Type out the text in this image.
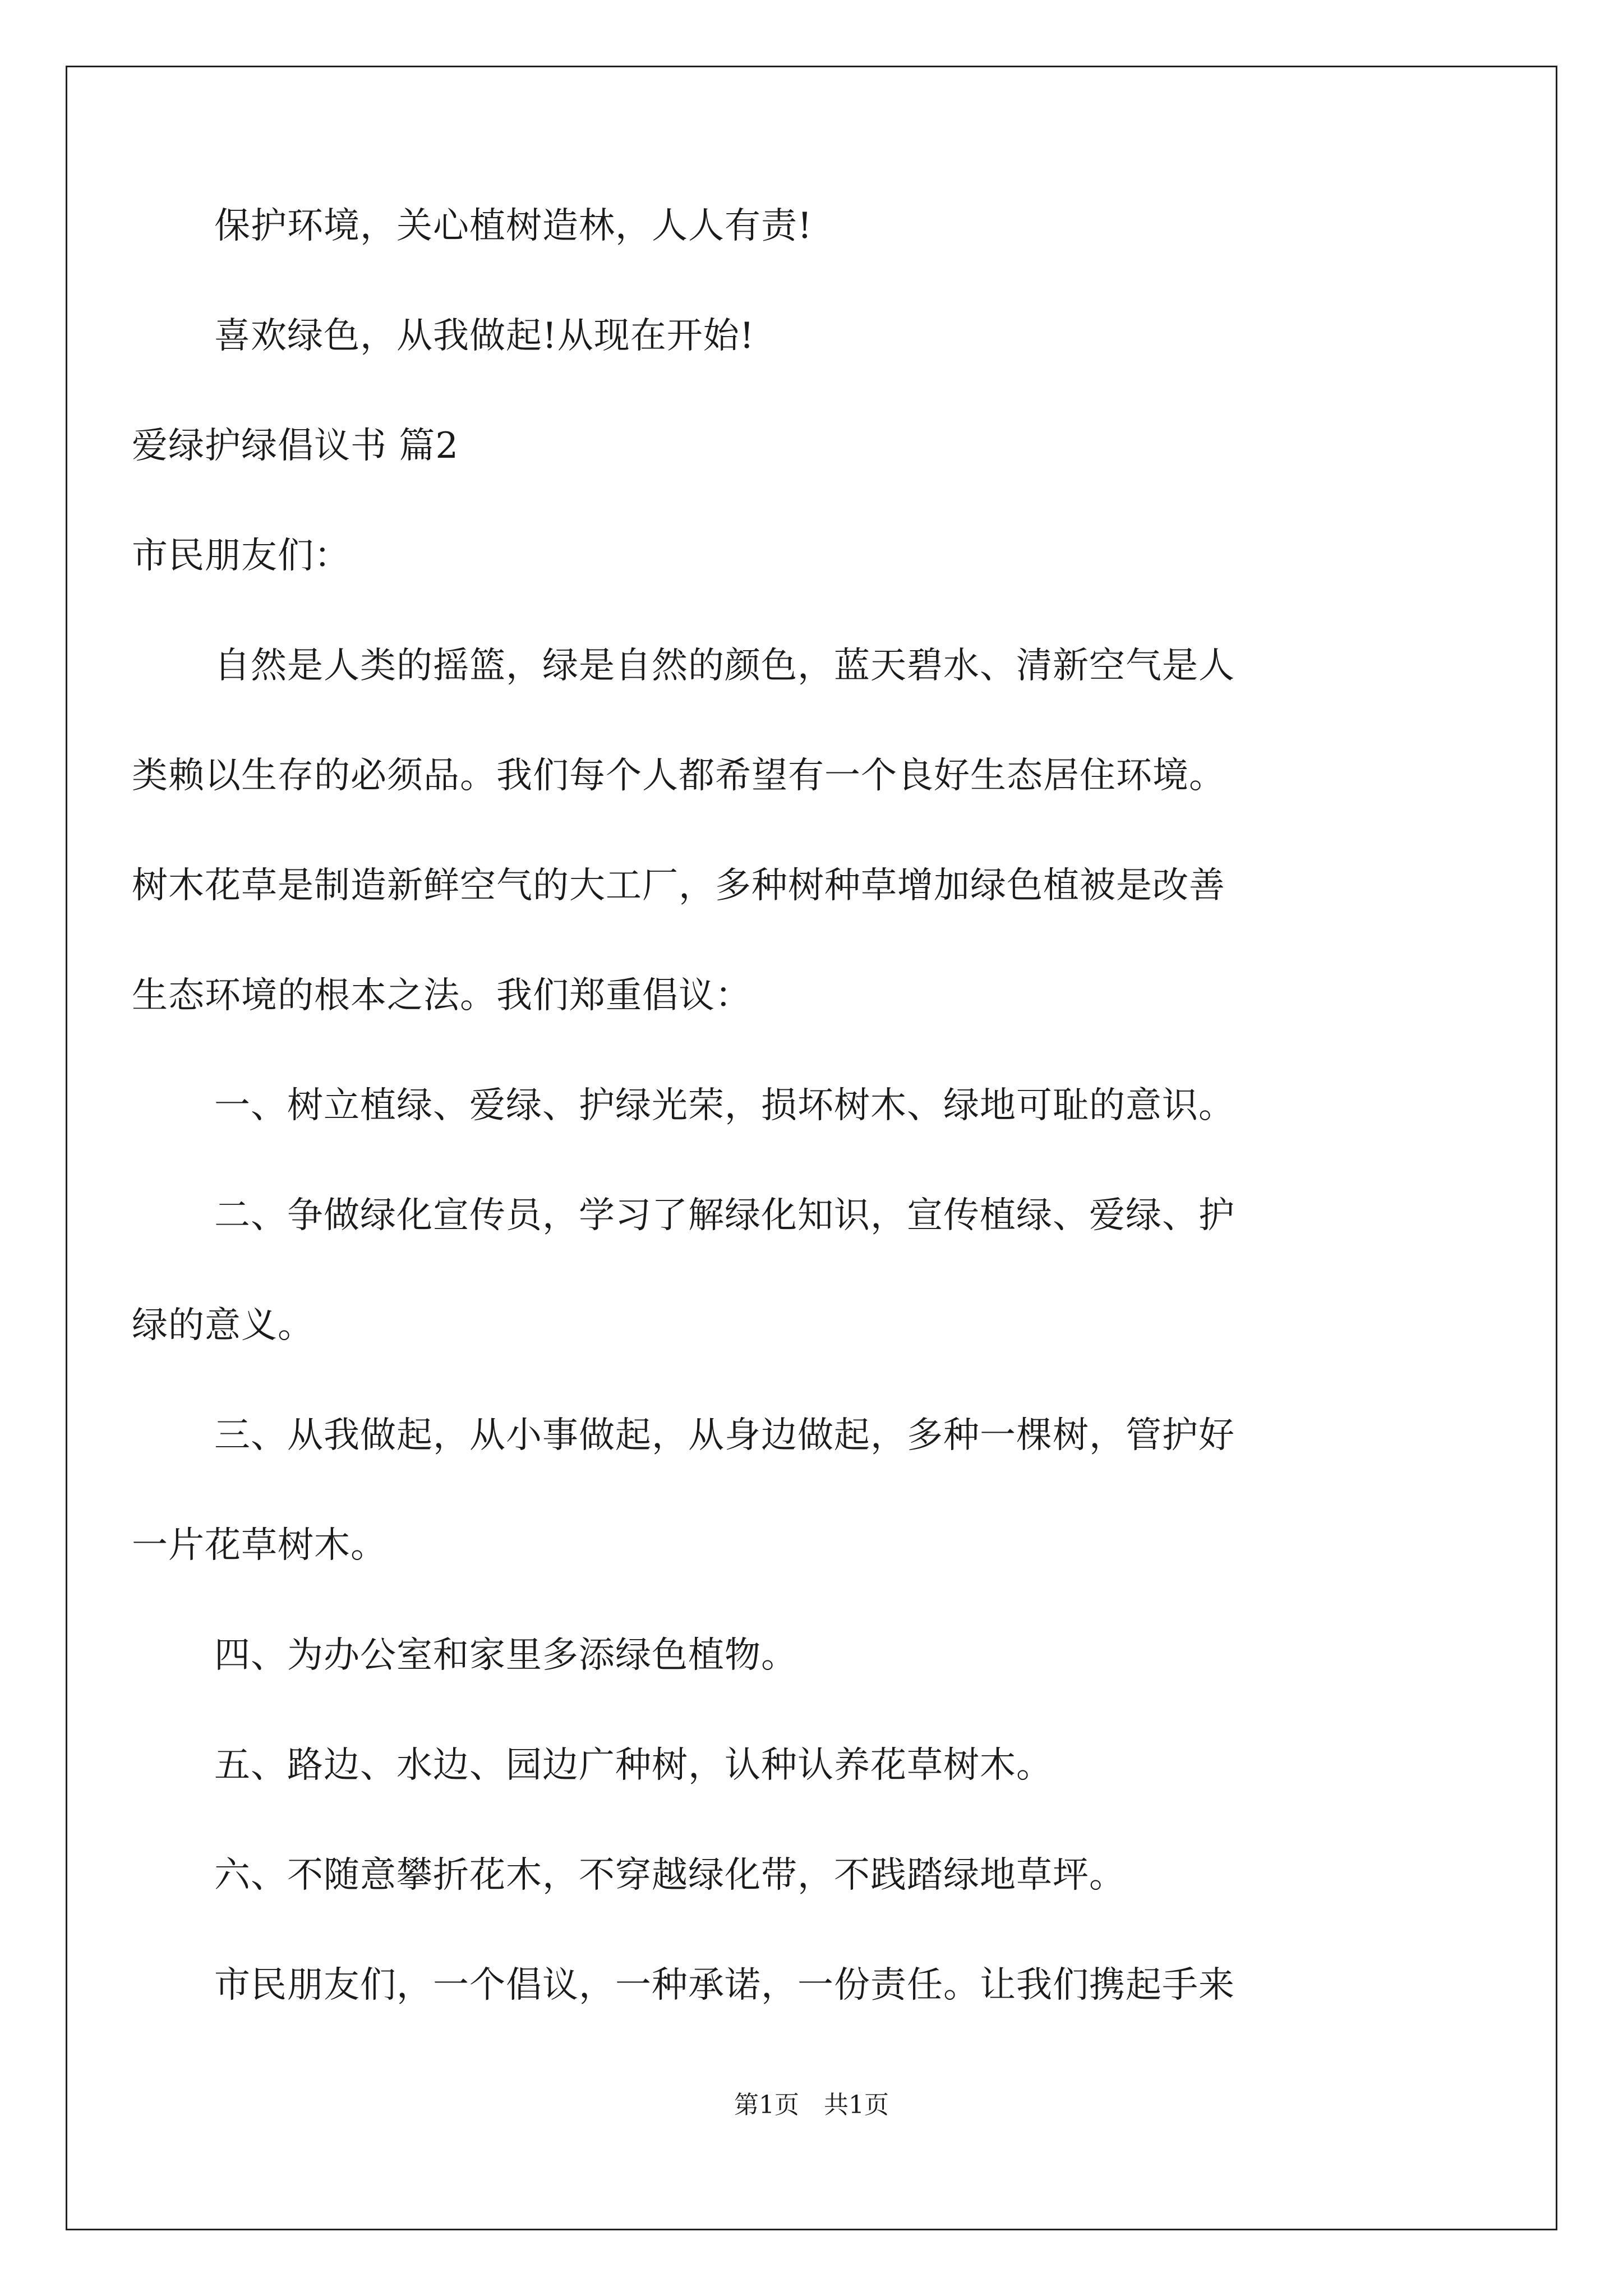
保护环境，关心植树造林，人人有责!
喜欢绿色，从我做起!从现在开始!
爱绿护绿倡议书 篇2
市民朋友们：
自然是人类的摇篮，绿是自然的颜色，蓝天碧水、清新空气是人
类赖以生存的必须品。我们每个人都希望有一个良好生态居住环境。
树木花草是制造新鲜空气的大工厂，多种树种草增加绿色植被是改善
生态环境的根本之法。我们郑重倡议：
一、树立植绿、爱绿、护绿光荣，损坏树木、绿地可耻的意识。
二、争做绿化宣传员，学习了解绿化知识，宣传植绿、爱绿、护
绿的意义。
三、从我做起，从小事做起，从身边做起，多种一棵树，管护好
一片花草树木。
四、为办公室和家里多添绿色植物。
五、路边、水边、园边广种树，认种认养花草树木。
六、不随意攀折花木，不穿越绿化带，不践踏绿地草坪。
市民朋友们，一个倡议，一种承诺，一份责任。让我们携起手来
第1页　共1页
